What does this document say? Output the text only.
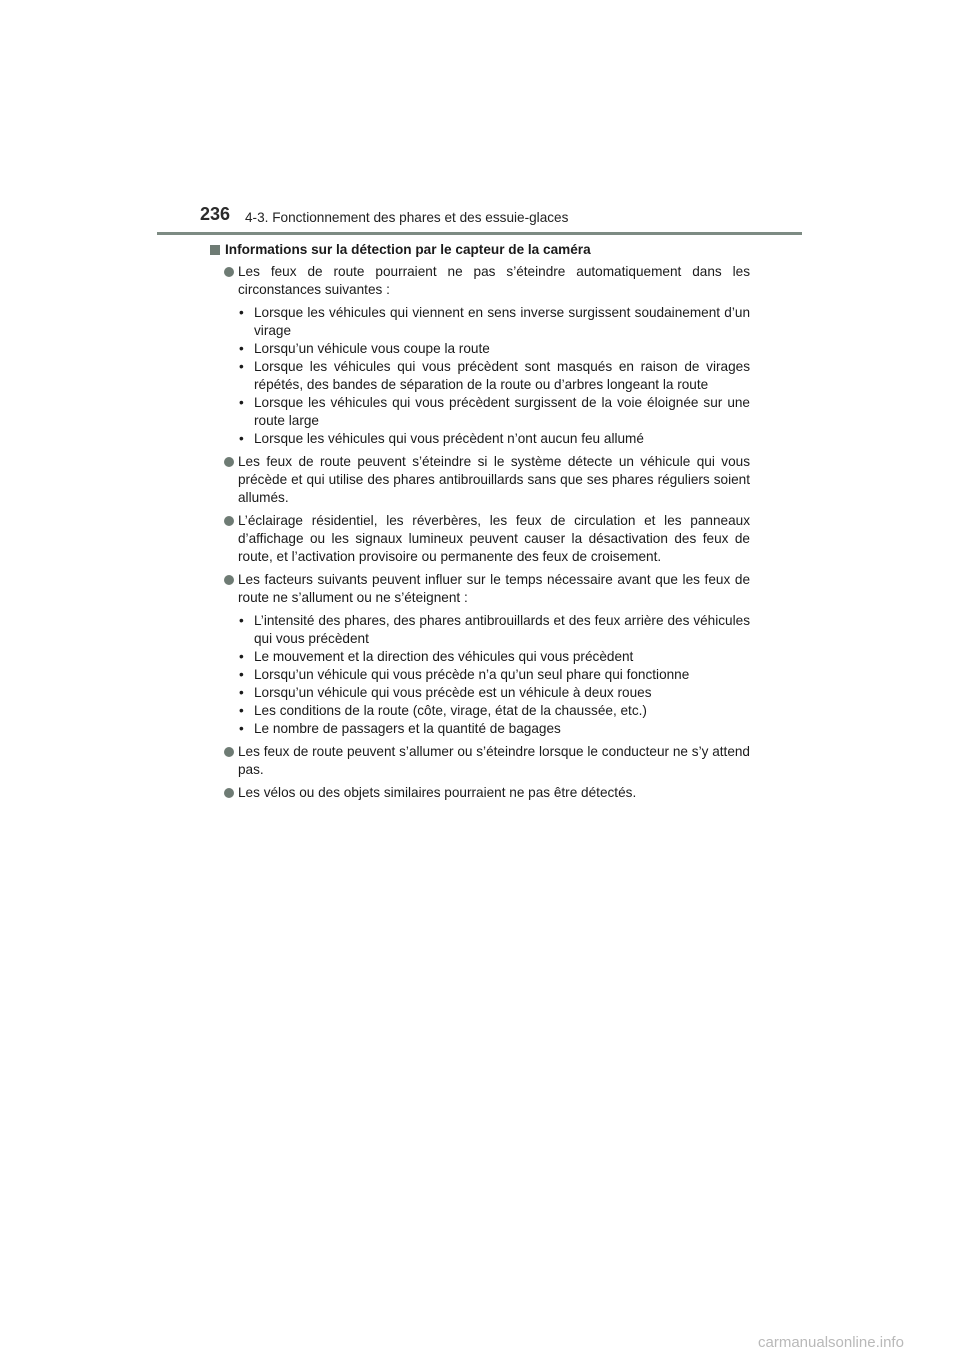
236 4-3. Fonctionnement des phares et des essuie-glaces
Informations sur la détection par le capteur de la caméra
Les feux de route pourraient ne pas s’éteindre automatiquement dans les circonstances suivantes :
• Lorsque les véhicules qui viennent en sens inverse surgissent soudainement d’un virage
• Lorsqu’un véhicule vous coupe la route
• Lorsque les véhicules qui vous précèdent sont masqués en raison de virages répétés, des bandes de séparation de la route ou d’arbres longeant la route
• Lorsque les véhicules qui vous précèdent surgissent de la voie éloignée sur une route large
• Lorsque les véhicules qui vous précèdent n’ont aucun feu allumé
Les feux de route peuvent s’éteindre si le système détecte un véhicule qui vous précède et qui utilise des phares antibrouillards sans que ses phares réguliers soient allumés.
L’éclairage résidentiel, les réverbères, les feux de circulation et les panneaux d’affichage ou les signaux lumineux peuvent causer la désactivation des feux de route, et l’activation provisoire ou permanente des feux de croisement.
Les facteurs suivants peuvent influer sur le temps nécessaire avant que les feux de route ne s’allument ou ne s’éteignent :
• L’intensité des phares, des phares antibrouillards et des feux arrière des véhicules qui vous précèdent
• Le mouvement et la direction des véhicules qui vous précèdent
• Lorsqu’un véhicule qui vous précède n’a qu’un seul phare qui fonctionne
• Lorsqu’un véhicule qui vous précède est un véhicule à deux roues
• Les conditions de la route (côte, virage, état de la chaussée, etc.)
• Le nombre de passagers et la quantité de bagages
Les feux de route peuvent s’allumer ou s’éteindre lorsque le conducteur ne s’y attend pas.
Les vélos ou des objets similaires pourraient ne pas être détectés.
carmanualsonline.info
